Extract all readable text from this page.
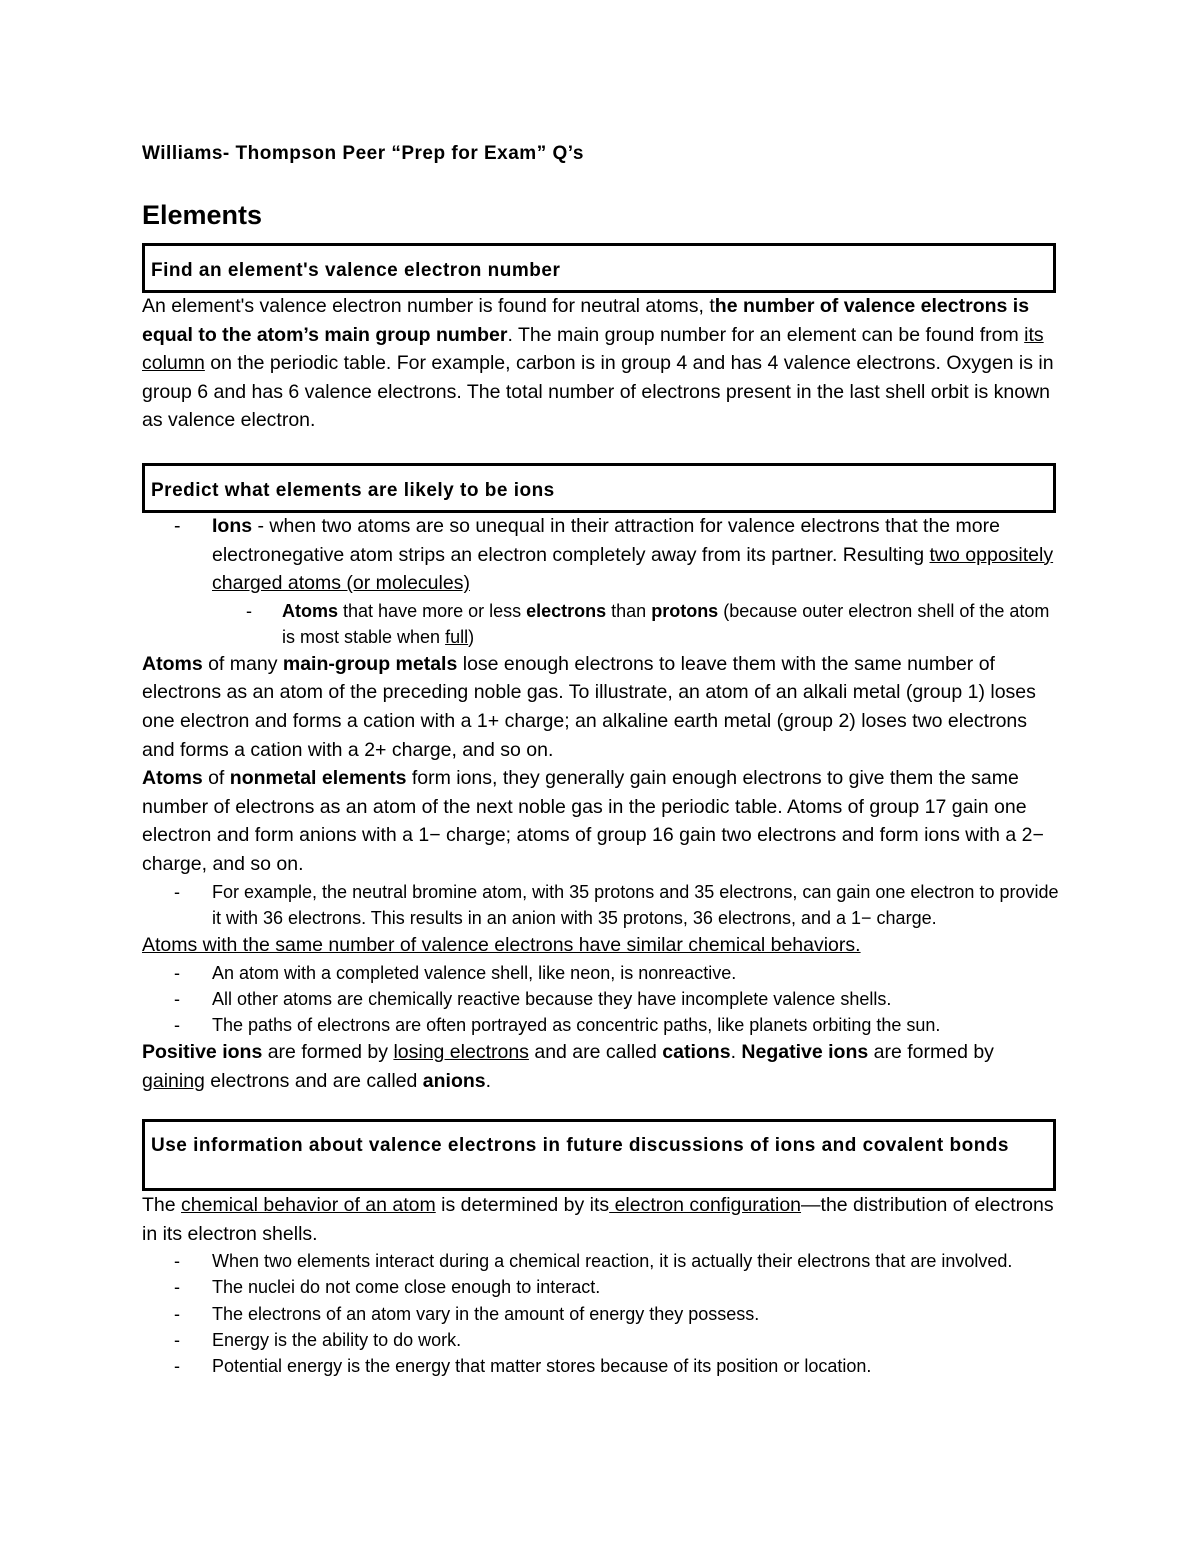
Williams- Thompson Peer “Prep for Exam” Q’s
Elements
Find an element's valence electron number

An element's valence electron number is found for neutral atoms, the number of valence electrons is equal to the atom’s main group number. The main group number for an element can be found from its column on the periodic table. For example, carbon is in group 4 and has 4 valence electrons. Oxygen is in group 6 and has 6 valence electrons. The total number of electrons present in the last shell orbit is known as valence electron.

Predict what elements are likely to be ions
- Ions - when two atoms are so unequal in their attraction for valence electrons that the more electronegative atom strips an electron completely away from its partner. Resulting two oppositely charged atoms (or molecules)
- Atoms that have more or less electrons than protons (because outer electron shell of the atom is most stable when full)

Atoms of many main-group metals lose enough electrons to leave them with the same number of electrons as an atom of the preceding noble gas. To illustrate, an atom of an alkali metal (group 1) loses one electron and forms a cation with a 1+ charge; an alkaline earth metal (group 2) loses two electrons and forms a cation with a 2+ charge, and so on.

Atoms of nonmetal elements form ions, they generally gain enough electrons to give them the same number of electrons as an atom of the next noble gas in the periodic table. Atoms of group 17 gain one electron and form anions with a 1− charge; atoms of group 16 gain two electrons and form ions with a 2− charge, and so on.

- For example, the neutral bromine atom, with 35 protons and 35 electrons, can gain one electron to provide it with 36 electrons. This results in an anion with 35 protons, 36 electrons, and a 1− charge.

Atoms with the same number of valence electrons have similar chemical behaviors.

- An atom with a completed valence shell, like neon, is nonreactive.
- All other atoms are chemically reactive because they have incomplete valence shells.
- The paths of electrons are often portrayed as concentric paths, like planets orbiting the sun.

Positive ions are formed by losing electrons and are called cations. Negative ions are formed by gaining electrons and are called anions.

Use information about valence electrons in future discussions of ions and covalent bonds

The chemical behavior of an atom is determined by its electron configuration—the distribution of electrons in its electron shells.

- When two elements interact during a chemical reaction, it is actually their electrons that are involved.
- The nuclei do not come close enough to interact.
- The electrons of an atom vary in the amount of energy they possess.
- Energy is the ability to do work.
- Potential energy is the energy that matter stores because of its position or location.
